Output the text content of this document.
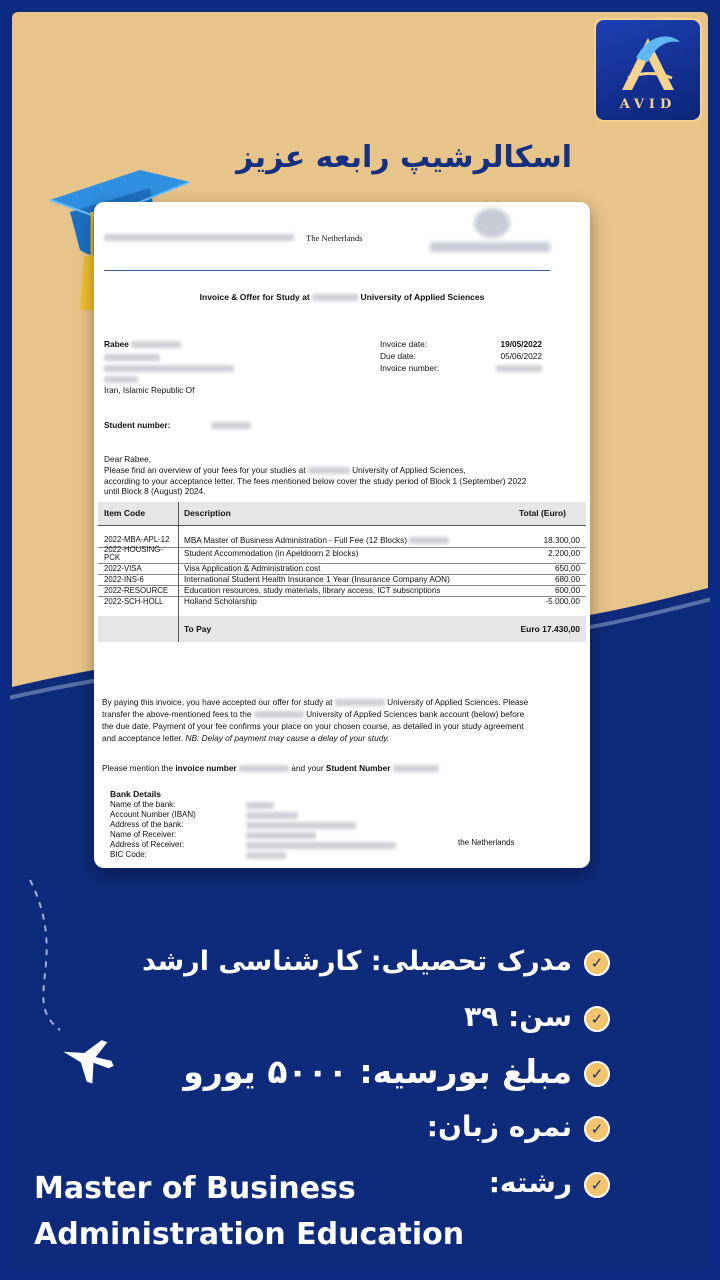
AVID
اسکالرشیپ رابعه عزیز
The Netherlands
Invoice & Offer for Study at	University of Applied Sciences
Rabee
Iran, Islamic Republic Of
Invoice date:	19/05/2022
Due date:	05/06/2022
Invoice number:
Student number:
Dear Rabee,
Please find an overview of your fees for your studies at	University of Applied Sciences,
according to your acceptance letter. The fees mentioned below cover the study period of Block 1 (September) 2022
until Block 8 (August) 2024.
Item Code	Description	Total (Euro)
2022-MBA-APL-12	MBA Master of Business Administration - Full Fee (12 Blocks)	18.300,00
2022-HOUSING-PCK	Student Accommodation (in Apeldoorn 2 blocks)	2.200,00
2022-VISA	Visa Application & Administration cost	650,00
2022-INS-6	International Student Health Insurance 1 Year (Insurance Company AON)	680,00
2022-RESOURCE	Education resources, study materials, library access, ICT subscriptions	600,00
2022-SCH-HOLL	Holland Scholarship	-5.000,00
To Pay	Euro 17.430,00
By paying this invoice, you have accepted our offer for study at	University of Applied Sciences. Please
transfer the above-mentioned fees to the	University of Applied Sciences bank account (below) before
the due date. Payment of your fee confirms your place on your chosen course, as detailed in your study agreement
and acceptance letter. NB: Delay of payment may cause a delay of your study.
Please mention the invoice number	and your Student Number
Bank Details
Name of the bank:
Account Number (IBAN)
Address of the bank:
Name of Receiver:
Address of Receiver:
BIC Code:
the Netherlands
✓
مدرک تحصیلی: کارشناسی ارشد
✓
سن: ۳۹
✓
مبلغ بورسیه: ۵۰۰۰ یورو
✓
نمره زبان:
✓
رشته:
Master of Business
Administration Education
